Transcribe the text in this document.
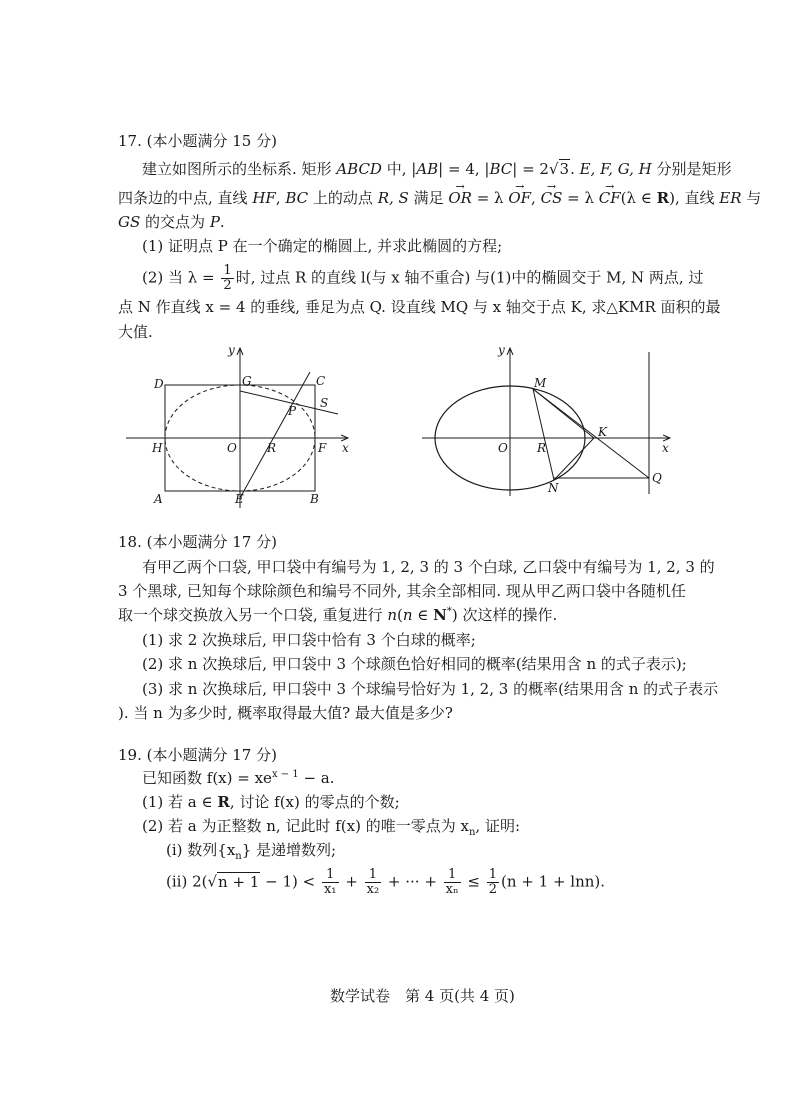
17. (本小题满分 15 分)
建立如图所示的坐标系. 矩形 ABCD 中, |AB| = 4, |BC| = 2√3. E, F, G, H 分别是矩形
四条边的中点, 直线 HF, BC 上的动点 R, S 满足 → OR = λ → OF, → CS = λ → CF(λ ∈ R), 直线 ER 与
GS 的交点为 P.
(1) 证明点 P 在一个确定的椭圆上, 并求此椭圆的方程;
(2) 当 $\lambda = \frac{1}{2}$ 时, 过点 R 的直线 l(与 x 轴不重合) 与(1)中的椭圆交于 M, N 两点, 过
点 N 作直线 x = 4 的垂线, 垂足为点 Q. 设直线 MQ 与 x 轴交于点 K, 求△KMR 面积的最
大值.
y
x
D	G	C
S
P
H	O	R	F
A	E	B
y
x
M
K
O R
N
Q
18. (本小题满分 17 分)
有甲乙两个口袋, 甲口袋中有编号为 1, 2, 3 的 3 个白球, 乙口袋中有编号为 1, 2, 3 的
3 个黑球, 已知每个球除颜色和编号不同外, 其余全部相同. 现从甲乙两口袋中各随机任
取一个球交换放入另一个口袋, 重复进行 n(n ∈ N*) 次这样的操作.
(1) 求 2 次换球后, 甲口袋中恰有 3 个白球的概率;
(2) 求 n 次换球后, 甲口袋中 3 个球颜色恰好相同的概率(结果用含 n 的式子表示);
(3) 求 n 次换球后, 甲口袋中 3 个球编号恰好为 1, 2, 3 的概率(结果用含 n 的式子表示
). 当 n 为多少时, 概率取得最大值? 最大值是多少?
19. (本小题满分 17 分)
已知函数 $f(x) = xe^{x - 1} - a$.
(1) 若 a ∈ R, 讨论 f(x) 的零点的个数;
(2) 若 a 为正整数 n, 记此时 f(x) 的唯一零点为 $x_n$, 证明:
(i) 数列$\{x_n\}$ 是递增数列;
(ii) $2(√n + 1 - 1) < \frac{1}{\text{x₁}} + \frac{1}{\text{x₂}}$ + ··· + $\frac{1}{\text{xₙ}} \le \frac{1}{2} (n + 1 + \ln n)$.
数学试卷　第 4 页(共 4 页)
